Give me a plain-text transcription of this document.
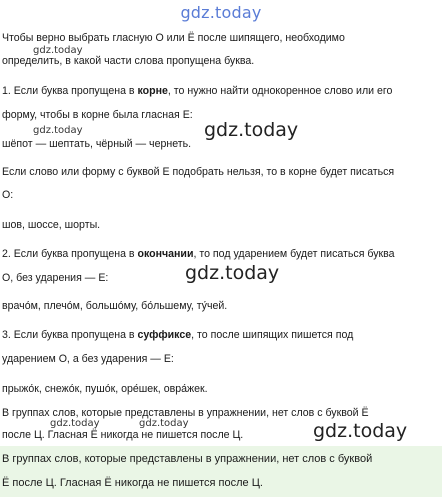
gdz.today
Чтобы верно выбрать гласную О или Ё после шипящего, необходимо
gdz.today
определить, в какой части слова пропущена буква.
1. Если буква пропущена в корне, то нужно найти однокоренное слово или его
форму, чтобы в корне была гласная Е:
gdz.today	gdz.today
шёпот — шептать, чёрный — чернеть.
Если слово или форму с буквой Е подобрать нельзя, то в корне будет писаться
О:
шов, шоссе, шорты.
2. Если буква пропущена в окончании, то под ударением будет писаться буква
gdz.today
О, без ударения — Е:
врачо́м, плечо́м, большо́му, бо́льшему, ту́чей.
3. Если буква пропущена в суффиксе, то после шипящих пишется под
ударением О, а без ударения — Е:
прыжо́к, снежо́к, пушо́к, оре́шек, овра́жек.
В группах слов, которые представлены в упражнении, нет слов с буквой Ё
gdz.today	gdz.today	gdz.today
после Ц. Гласная Ё никогда не пишется после Ц.
В группах слов, которые представлены в упражнении, нет слов с буквой
Ё после Ц. Гласная Ё никогда не пишется после Ц.
